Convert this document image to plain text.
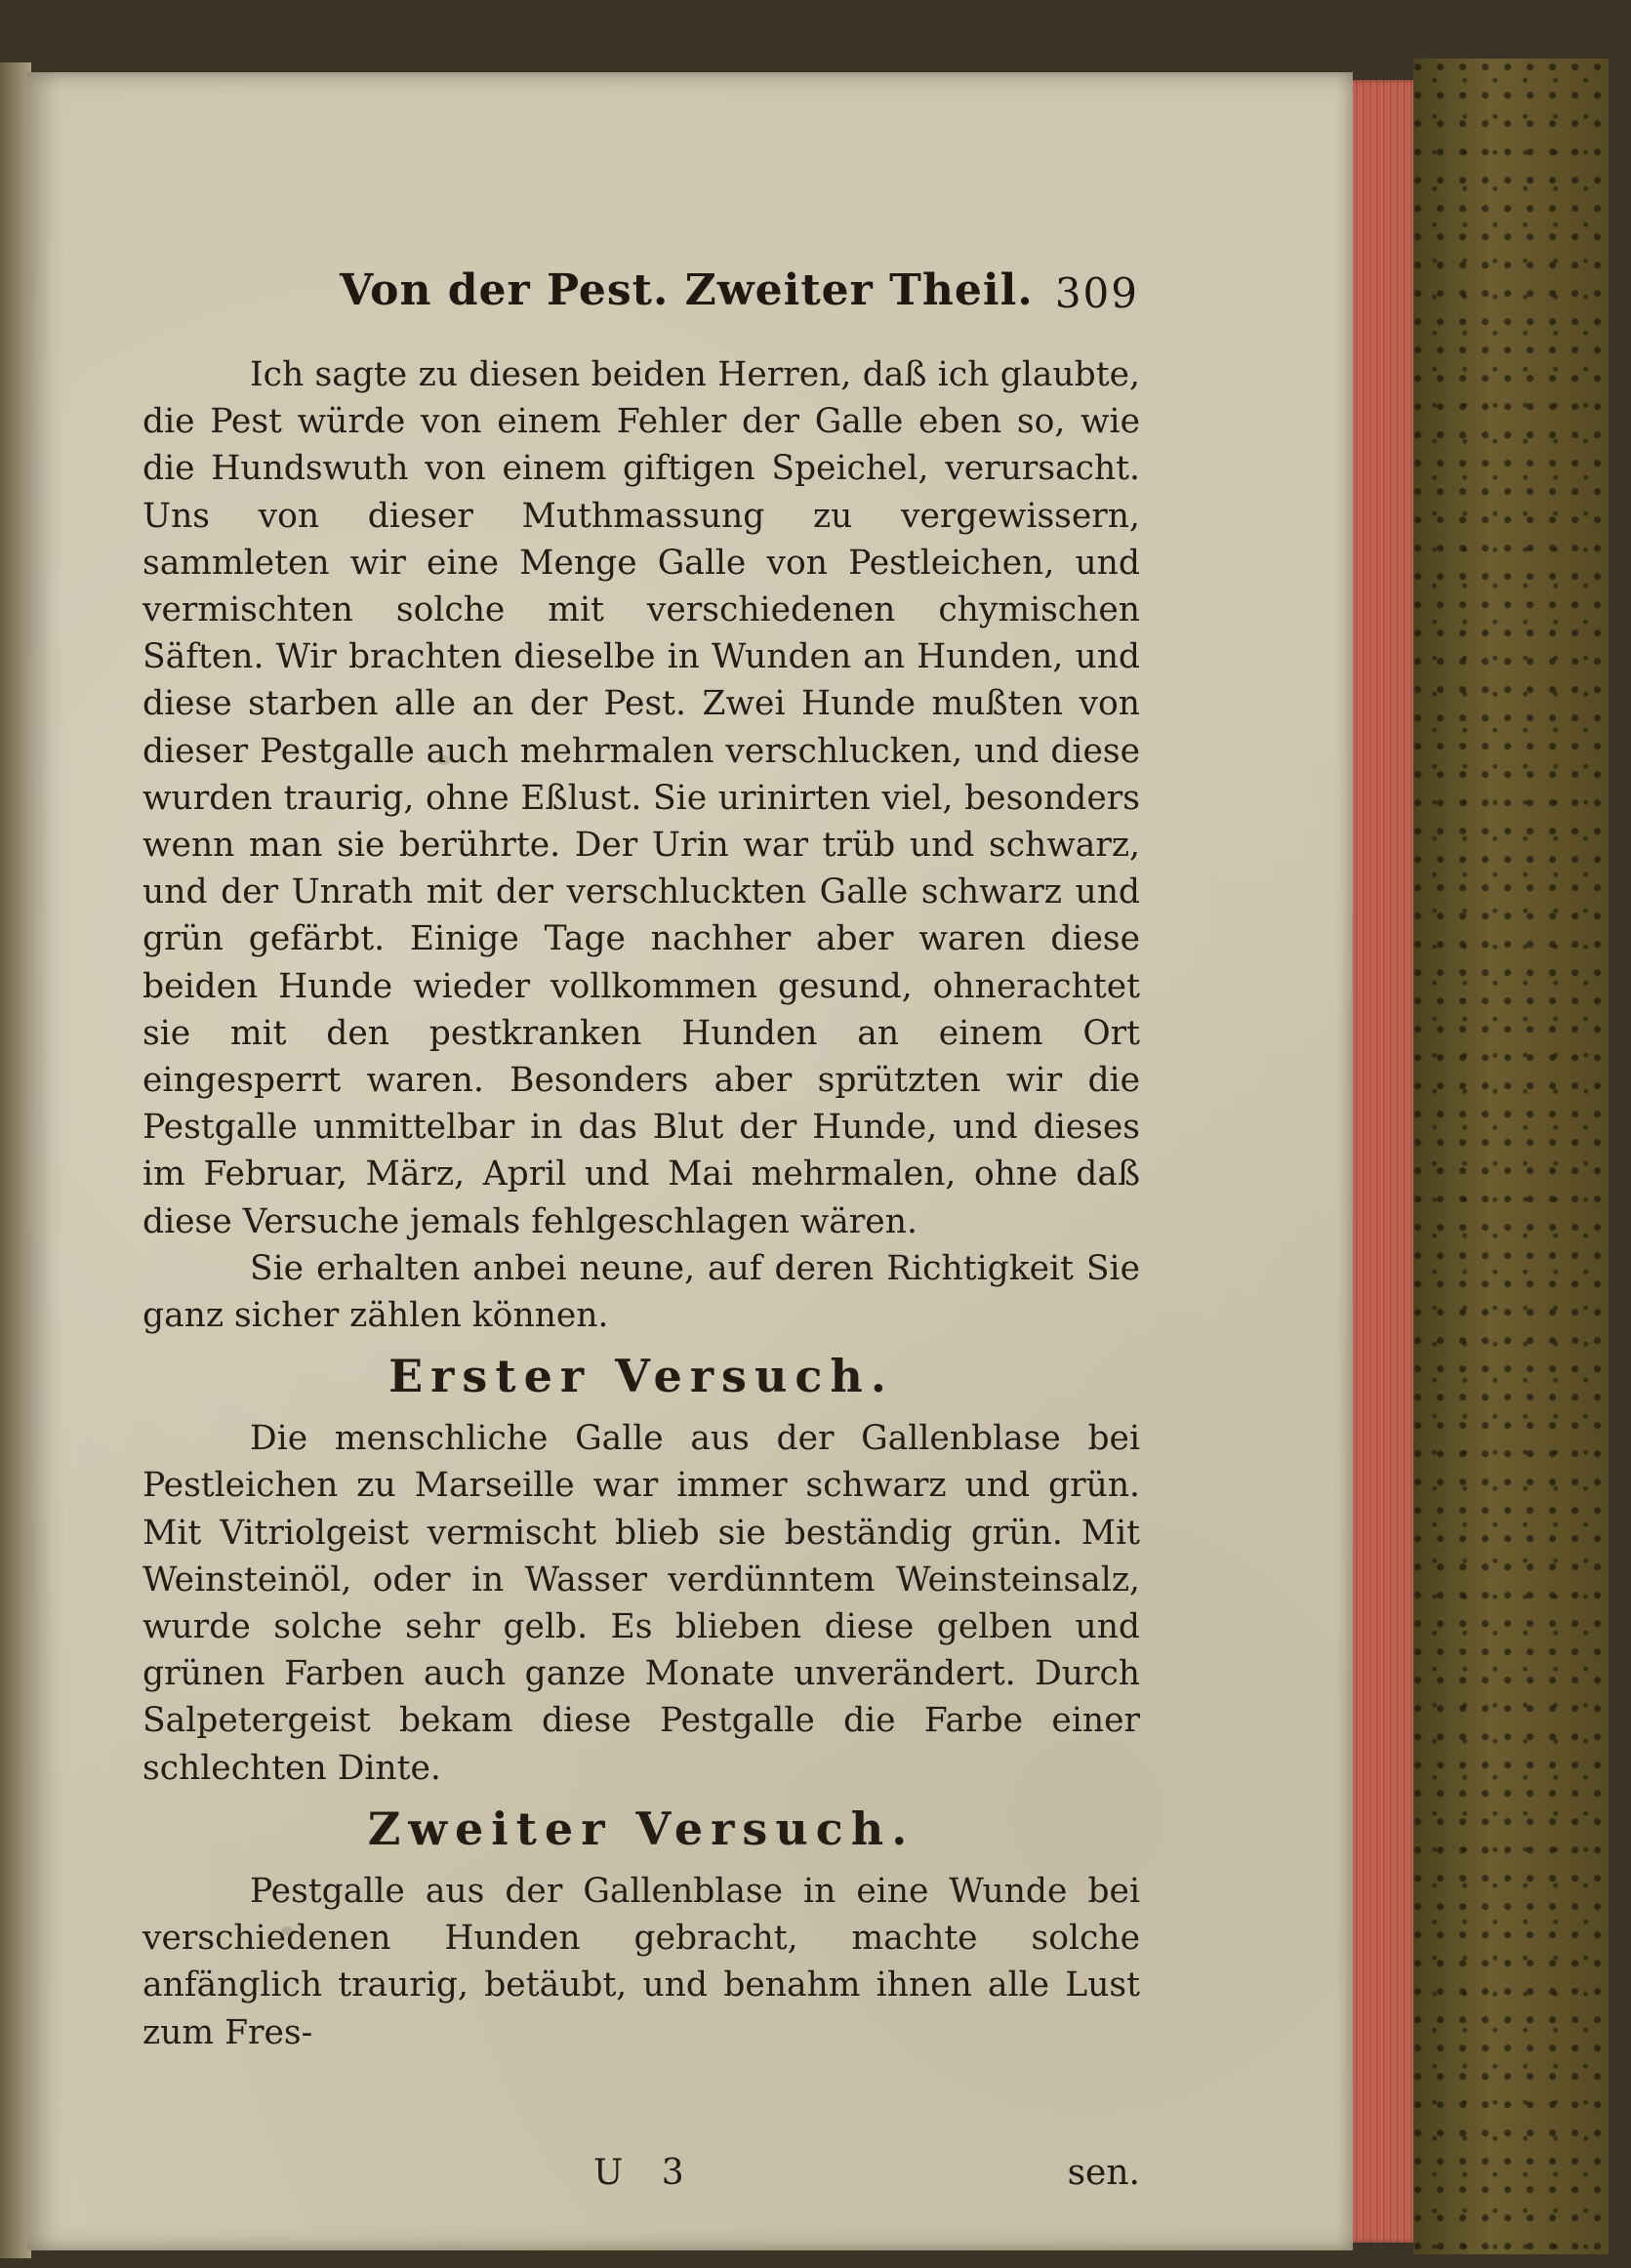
Von der Pest. Zweiter Theil. 309

Ich sagte zu diesen beiden Herren, daß ich glaubte, die Pest würde von einem Fehler der Galle eben so, wie die Hundswuth von einem giftigen Speichel, verursacht. Uns von dieser Muthmassung zu vergewissern, sammleten wir eine Menge Galle von Pestleichen, und vermischten solche mit verschiedenen chymischen Säften. Wir brachten dieselbe in Wunden an Hunden, und diese starben alle an der Pest. Zwei Hunde mußten von dieser Pestgalle auch mehrmalen verschlucken, und diese wurden traurig, ohne Eßlust. Sie urinirten viel, besonders wenn man sie berührte. Der Urin war trüb und schwarz, und der Unrath mit der verschluckten Galle schwarz und grün gefärbt. Einige Tage nachher aber waren diese beiden Hunde wieder vollkommen gesund, ohnerachtet sie mit den pestkranken Hunden an einem Ort eingesperrt waren. Besonders aber sprützten wir die Pestgalle unmittelbar in das Blut der Hunde, und dieses im Februar, März, April und Mai mehrmalen, ohne daß diese Versuche jemals fehlgeschlagen wären.

Sie erhalten anbei neune, auf deren Richtigkeit Sie ganz sicher zählen können.

Erster Versuch.

Die menschliche Galle aus der Gallenblase bei Pestleichen zu Marseille war immer schwarz und grün. Mit Vitriolgeist vermischt blieb sie beständig grün. Mit Weinsteinöl, oder in Wasser verdünntem Weinsteinsalz, wurde solche sehr gelb. Es blieben diese gelben und grünen Farben auch ganze Monate unverändert. Durch Salpetergeist bekam diese Pestgalle die Farbe einer schlechten Dinte.

Zweiter Versuch.

Pestgalle aus der Gallenblase in eine Wunde bei verschiedenen Hunden gebracht, machte solche anfänglich traurig, betäubt, und benahm ihnen alle Lust zum Fres-

U 3	sen.
